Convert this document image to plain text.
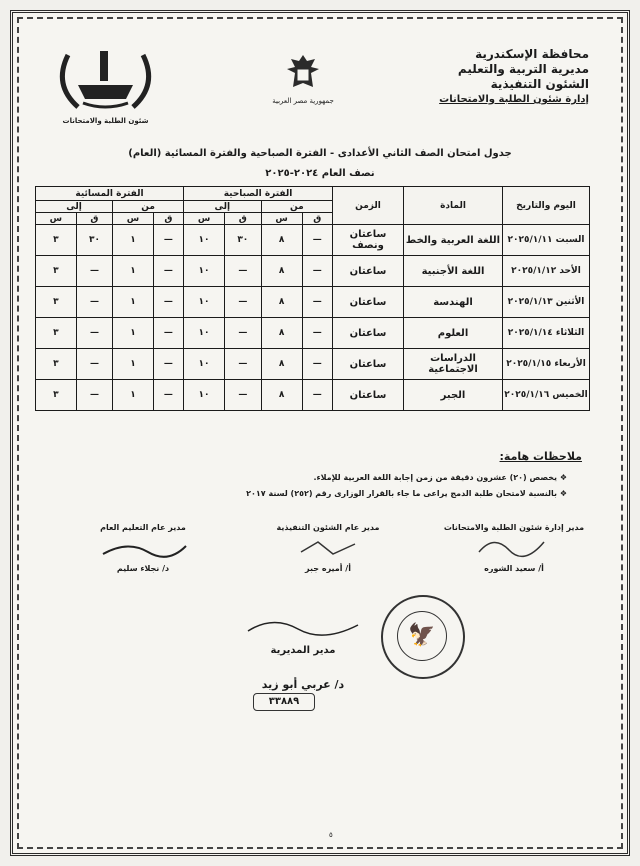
محافظة الإسكندرية
مديرية التربية والتعليم
الشئون التنفيذية
إدارة شئون الطلبة والامتحانات
جمهورية مصر العربية
شئون الطلبة والامتحانات
جدول امتحان الصف الثاني الأعدادى - الفترة الصباحية والفترة المسائية (العام)
نصف العام ٢٠٢٤-٢٠٢٥
ملاحظات هامة:
❖ يخصص (٢٠) عشرون دقيقة من زمن إجابة اللغة العربية للإملاء.
❖ بالنسبة لامتحان طلبة الدمج يراعى ما جاء بالقرار الوزارى رقم (٢٥٢) لسنة ٢٠١٧
مدير إدارة شئون الطلبة والامتحانات
أ/ سعيد الشوره
مدير عام الشئون التنفيذية
أ/ أميره جبر
مدير عام التعليم العام
د/ نجلاء سليم
🦅
مدير المديرية
د/ عربي أبو زيد
٣٣٨٨٩
٥
اليوم والتاريخ	المادة	الزمن	الفترة الصباحية				الفترة المسائية			
			من		إلى		من		إلى	
			ق	س	ق	س	ق	س	ق	س
السبت ٢٠٢٥/١/١١	اللغة العربية والخط	ساعتان ونصف	—	٨	٣٠	١٠	—	١	٣٠	٣
الأحد ٢٠٢٥/١/١٢	اللغة الأجنبية	ساعتان	—	٨	—	١٠	—	١	—	٣
الأثنين ٢٠٢٥/١/١٣	الهندسة	ساعتان	—	٨	—	١٠	—	١	—	٣
الثلاثاء ٢٠٢٥/١/١٤	العلوم	ساعتان	—	٨	—	١٠	—	١	—	٣
الأربعاء ٢٠٢٥/١/١٥	الدراسات الاجتماعية	ساعتان	—	٨	—	١٠	—	١	—	٣
الخميس ٢٠٢٥/١/١٦	الجبر	ساعتان	—	٨	—	١٠	—	١	—	٣
